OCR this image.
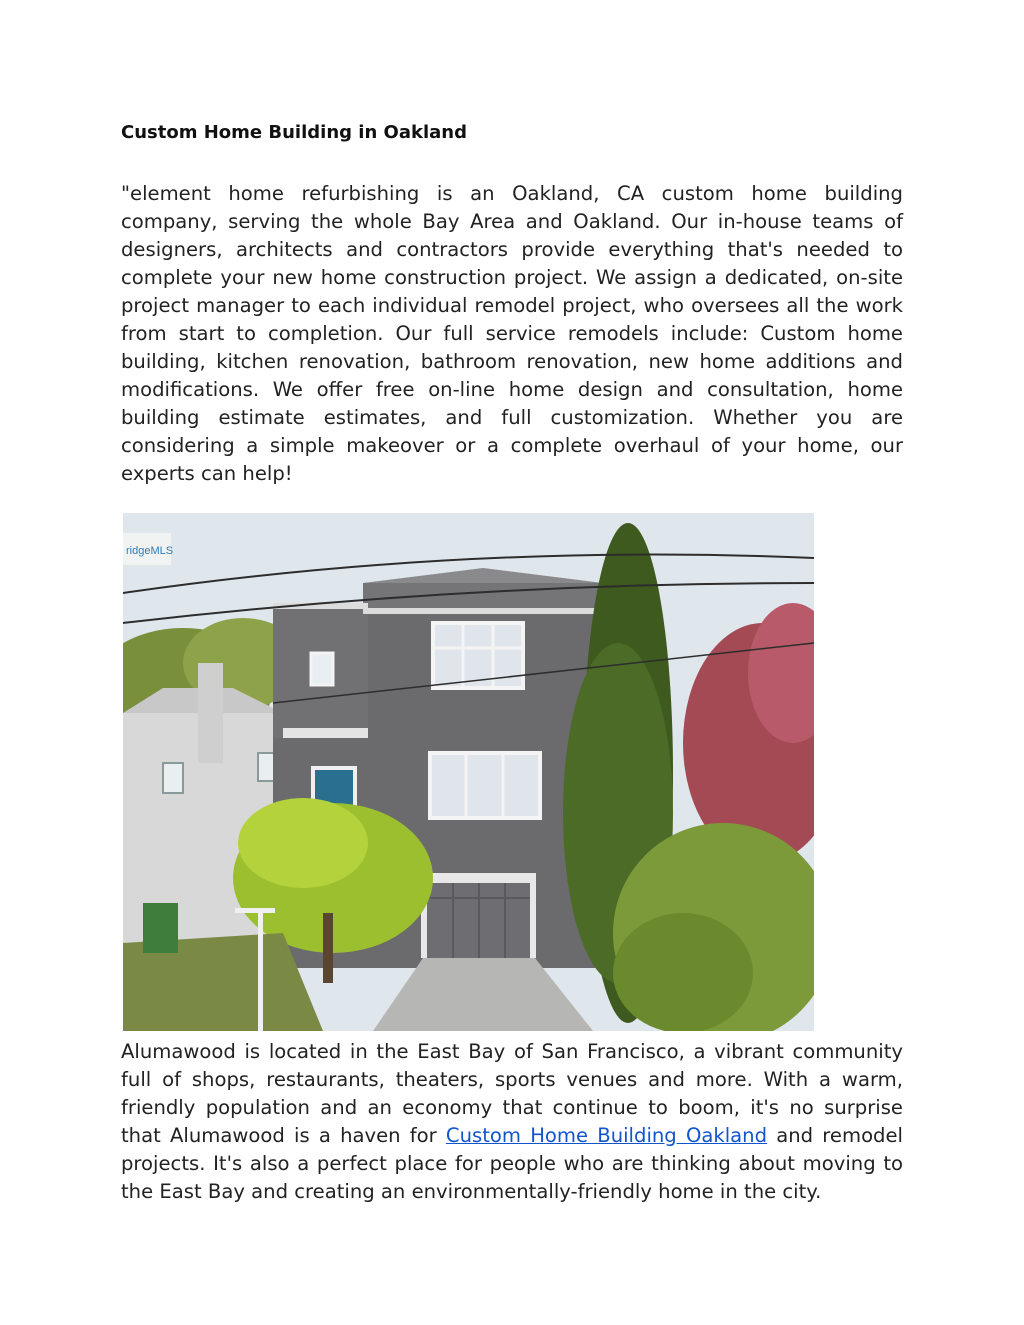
Custom Home Building in Oakland

"element home refurbishing is an Oakland, CA custom home building company, serving the whole Bay Area and Oakland. Our in-house teams of designers, architects and contractors provide everything that's needed to complete your new home construction project. We assign a dedicated, on-site project manager to each individual remodel project, who oversees all the work from start to completion. Our full service remodels include: Custom home building, kitchen renovation, bathroom renovation, new home additions and modifications. We offer free on-line home design and consultation, home building estimate estimates, and full customization. Whether you are considering a simple makeover or a complete overhaul of your home, our experts can help!

ridgeMLS

Alumawood is located in the East Bay of San Francisco, a vibrant community full of shops, restaurants, theaters, sports venues and more. With a warm, friendly population and an economy that continue to boom, it's no surprise that Alumawood is a haven for Custom Home Building Oakland and remodel projects. It's also a perfect place for people who are thinking about moving to the East Bay and creating an environmentally-friendly home in the city.
